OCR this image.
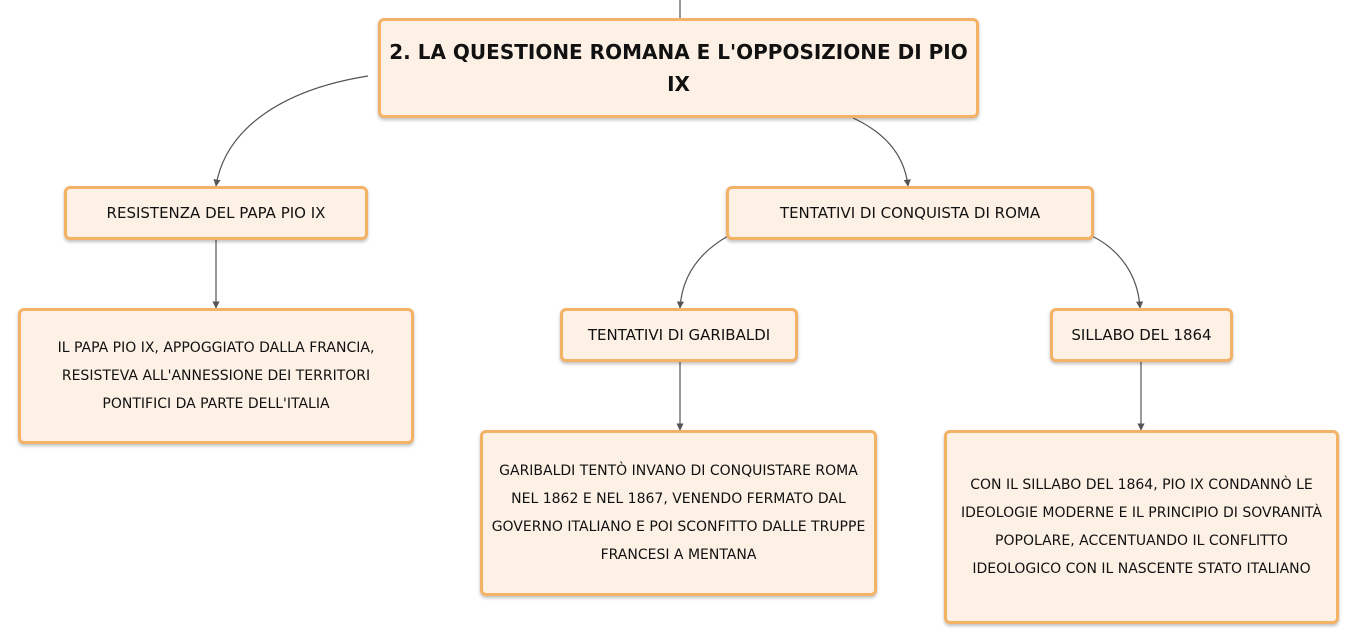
2. LA QUESTIONE ROMANA E L'OPPOSIZIONE DI PIO IX
RESISTENZA DEL PAPA PIO IX	TENTATIVI DI CONQUISTA DI ROMA
IL PAPA PIO IX, APPOGGIATO DALLA FRANCIA, RESISTEVA ALL'ANNESSIONE DEI TERRITORI PONTIFICI DA PARTE DELL'ITALIA
TENTATIVI DI GARIBALDI	SILLABO DEL 1864
GARIBALDI TENTÒ INVANO DI CONQUISTARE ROMA NEL 1862 E NEL 1867, VENENDO FERMATO DAL GOVERNO ITALIANO E POI SCONFITTO DALLE TRUPPE FRANCESI A MENTANA
CON IL SILLABO DEL 1864, PIO IX CONDANNÒ LE IDEOLOGIE MODERNE E IL PRINCIPIO DI SOVRANITÀ POPOLARE, ACCENTUANDO IL CONFLITTO IDEOLOGICO CON IL NASCENTE STATO ITALIANO
